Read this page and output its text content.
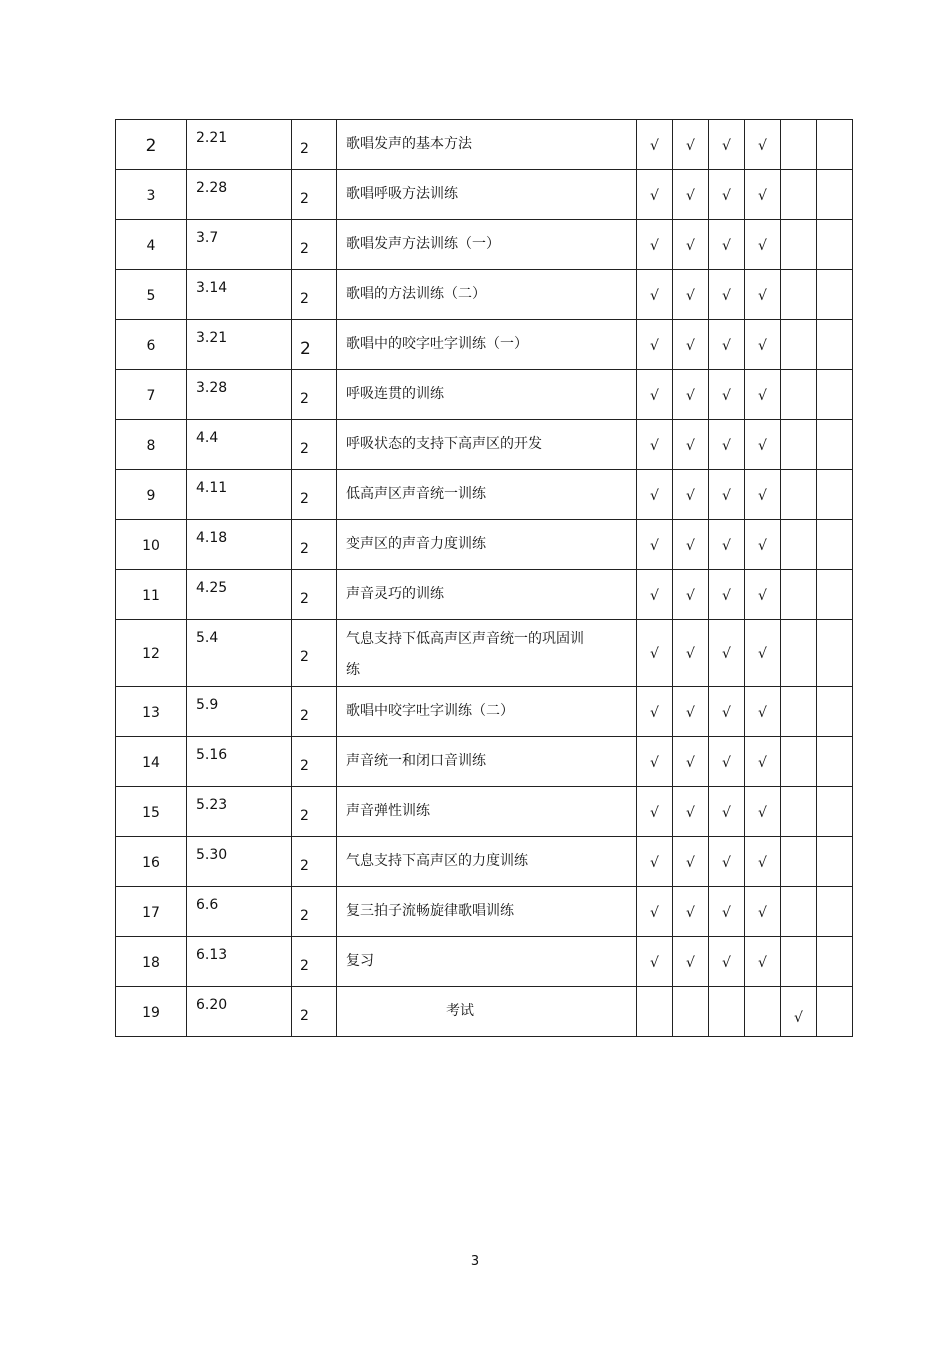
2	2.21	2	歌唱发声的基本方法	√	√	√	√		
3	2.28	2	歌唱呼吸方法训练	√	√	√	√		
4	3.7	2	歌唱发声方法训练（一）	√	√	√	√		
5	3.14	2	歌唱的方法训练（二）	√	√	√	√		
6	3.21	2	歌唱中的咬字吐字训练（一）	√	√	√	√		
7	3.28	2	呼吸连贯的训练	√	√	√	√		
8	4.4	2	呼吸状态的支持下高声区的开发	√	√	√	√		
9	4.11	2	低高声区声音统一训练	√	√	√	√		
10	4.18	2	变声区的声音力度训练	√	√	√	√		
11	4.25	2	声音灵巧的训练	√	√	√	√		
12	5.4	2	气息支持下低高声区声音统一的巩固训练	√	√	√	√		
13	5.9	2	歌唱中咬字吐字训练（二）	√	√	√	√		
14	5.16	2	声音统一和闭口音训练	√	√	√	√		
15	5.23	2	声音弹性训练	√	√	√	√		
16	5.30	2	气息支持下高声区的力度训练	√	√	√	√		
17	6.6	2	复三拍子流畅旋律歌唱训练	√	√	√	√		
18	6.13	2	复习	√	√	√	√		
19	6.20	2	考试					√	
3
